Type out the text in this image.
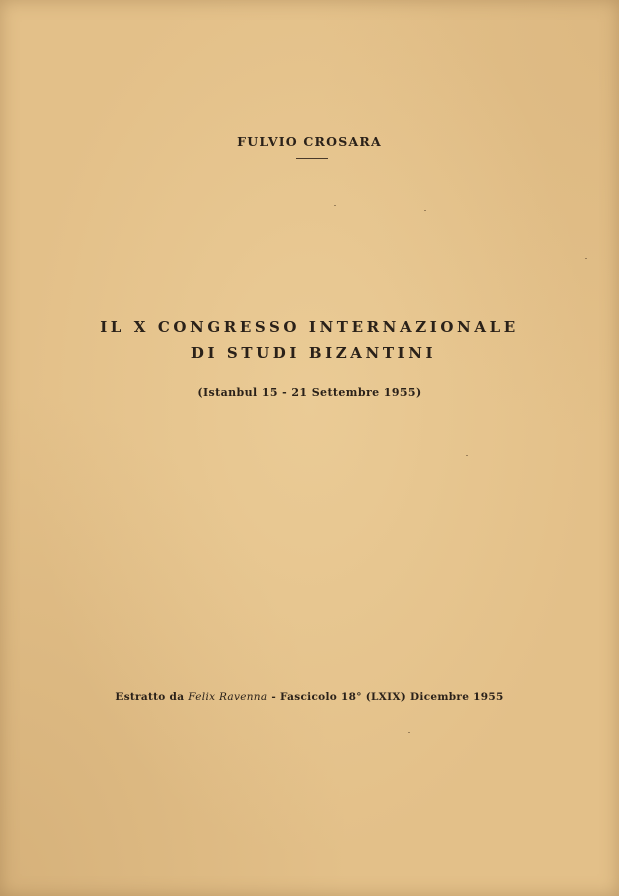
FULVIO CROSARA
IL X CONGRESSO INTERNAZIONALE
DI STUDI BIZANTINI
(Istanbul 15 - 21 Settembre 1955)
Estratto da Felix Ravenna - Fascicolo 18° (LXIX) Dicembre 1955
